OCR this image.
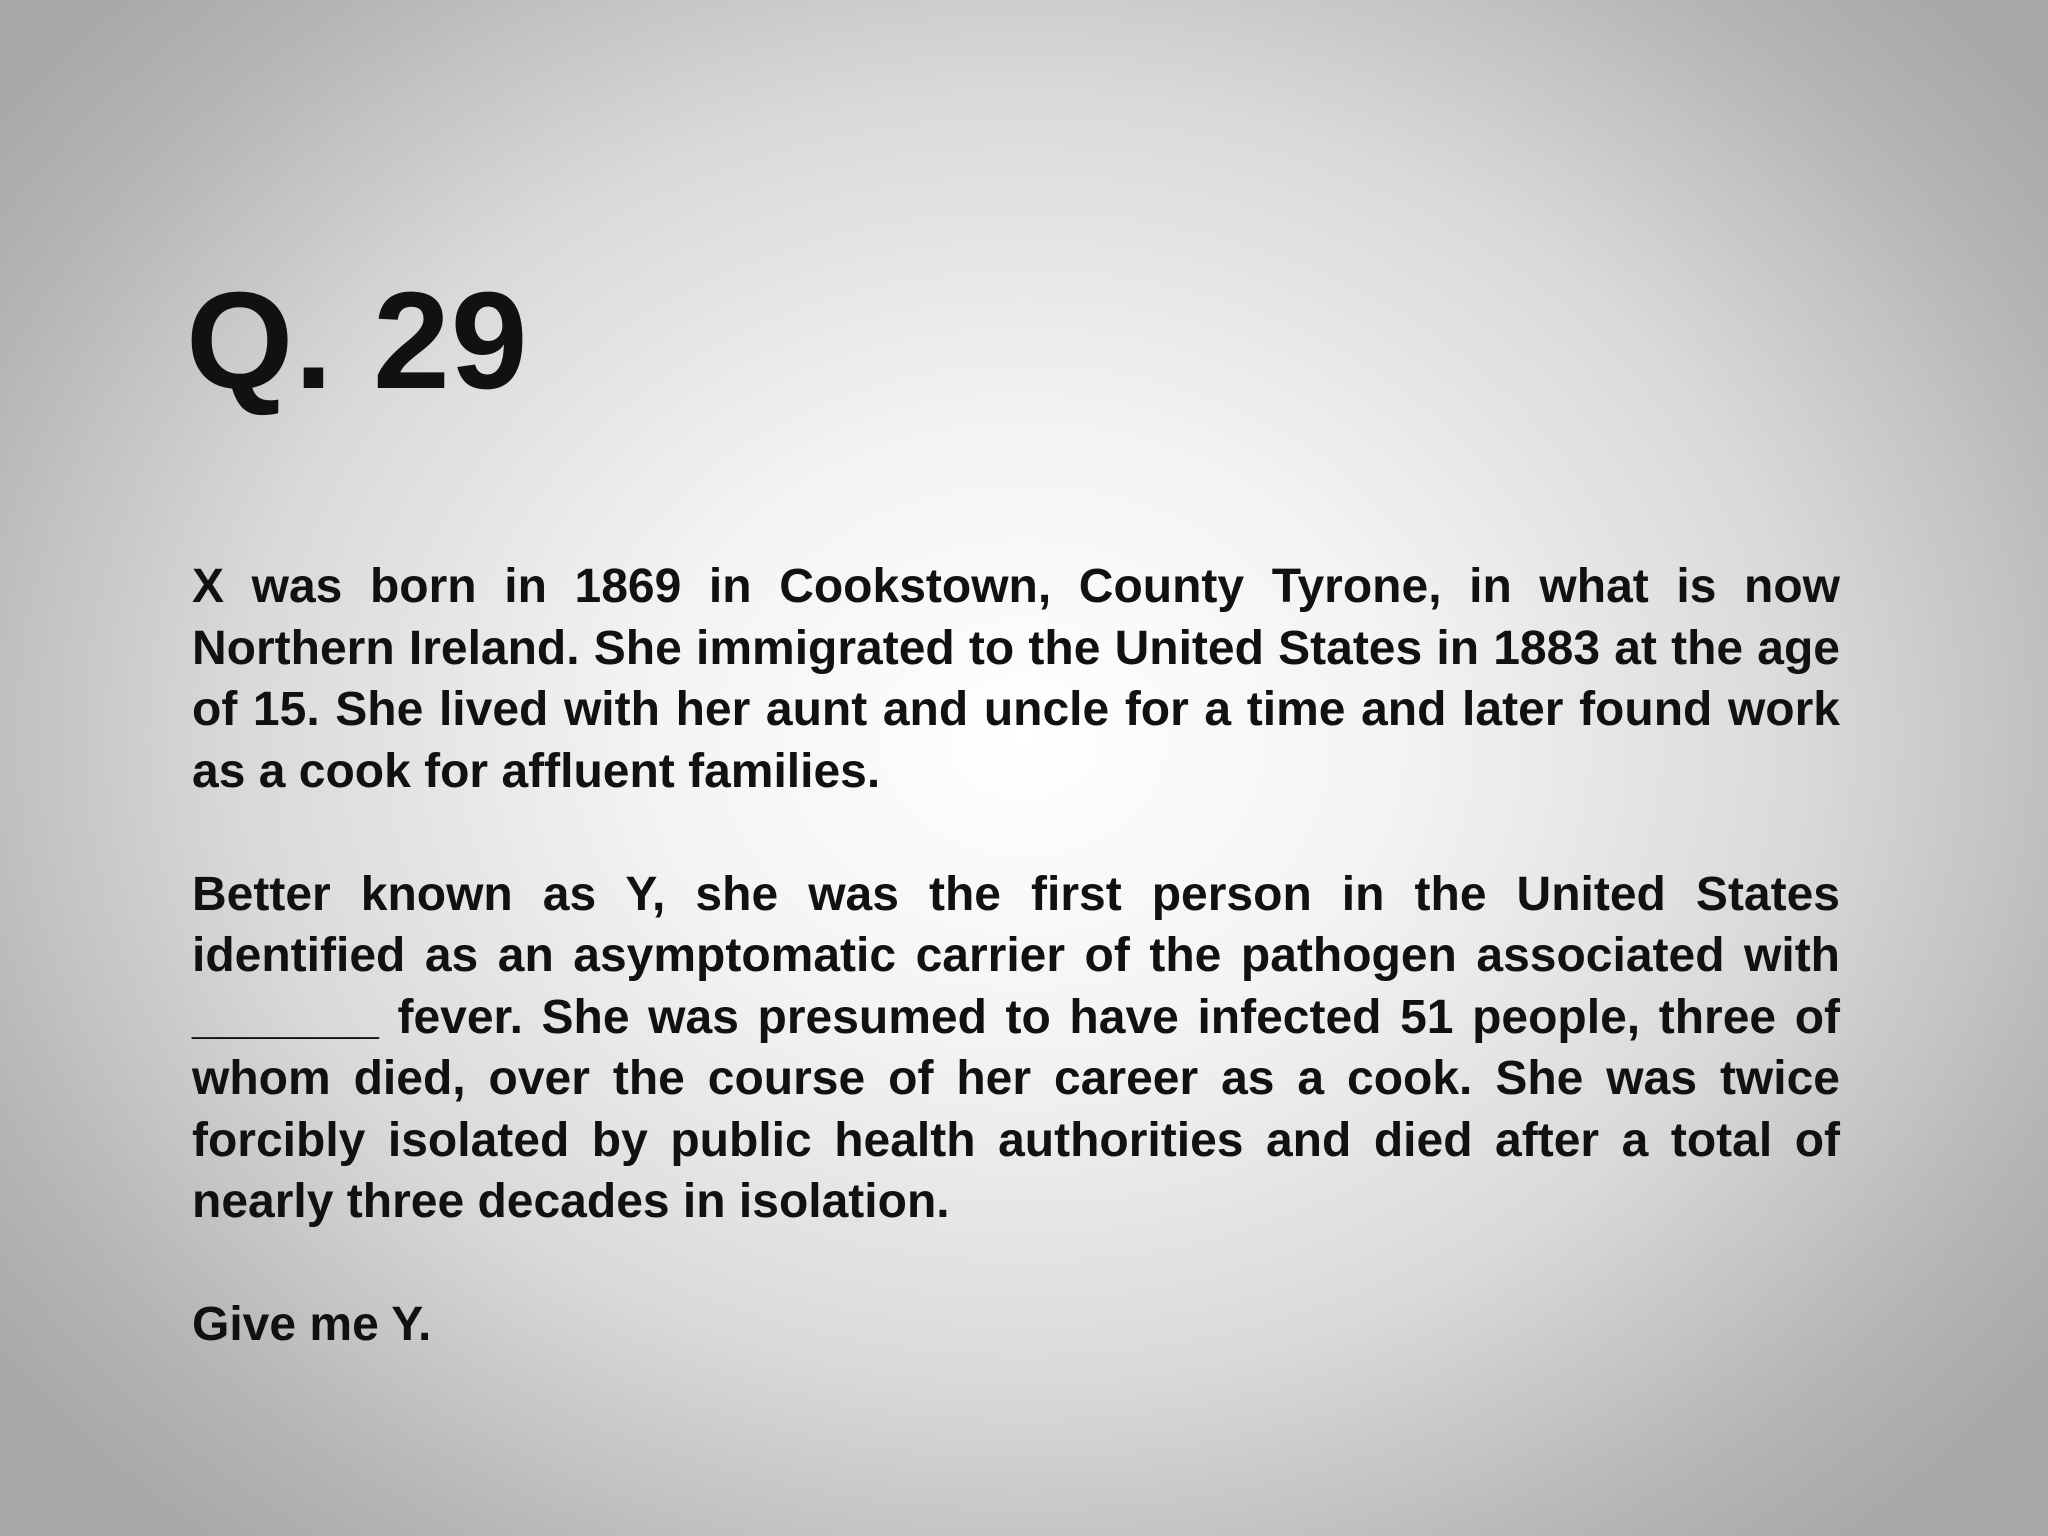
Q. 29

X was born in 1869 in Cookstown, County Tyrone, in what is now Northern Ireland. She immigrated to the United States in 1883 at the age of 15. She lived with her aunt and uncle for a time and later found work as a cook for affluent families.

Better known as Y, she was the first person in the United States identified as an asymptomatic carrier of the pathogen associated with _______ fever. She was presumed to have infected 51 people, three of whom died, over the course of her career as a cook. She was twice forcibly isolated by public health authorities and died after a total of nearly three decades in isolation.

Give me Y.
